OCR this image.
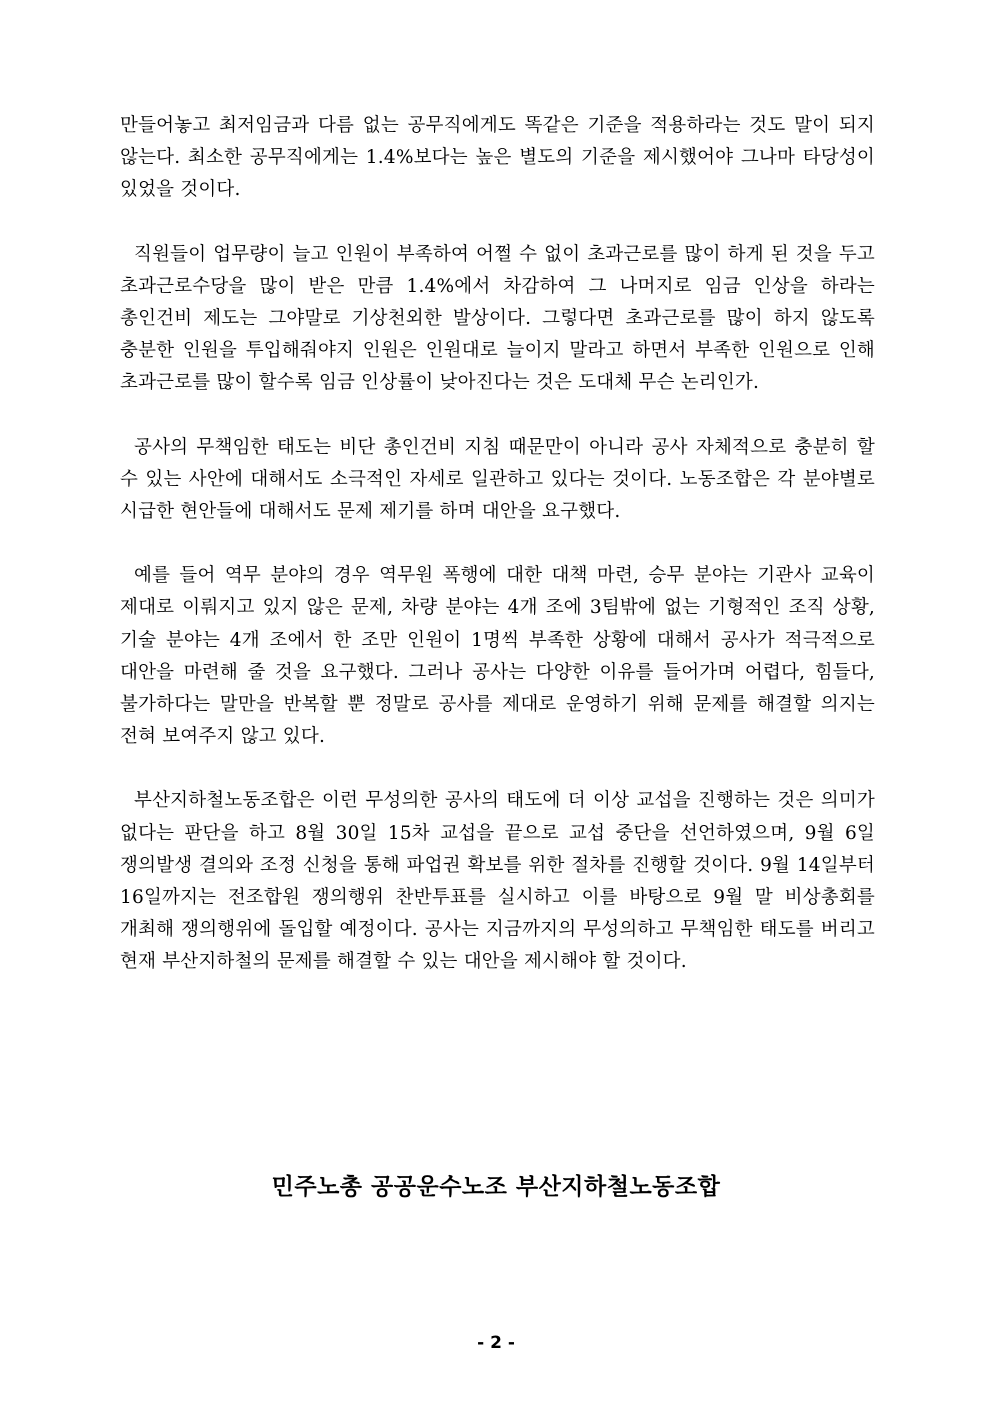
만들어놓고 최저임금과 다름 없는 공무직에게도 똑같은 기준을 적용하라는 것도 말이 되지 않는다. 최소한 공무직에게는 1.4%보다는 높은 별도의 기준을 제시했어야 그나마 타당성이 있었을 것이다.

직원들이 업무량이 늘고 인원이 부족하여 어쩔 수 없이 초과근로를 많이 하게 된 것을 두고 초과근로수당을 많이 받은 만큼 1.4%에서 차감하여 그 나머지로 임금 인상을 하라는 총인건비 제도는 그야말로 기상천외한 발상이다. 그렇다면 초과근로를 많이 하지 않도록 충분한 인원을 투입해줘야지 인원은 인원대로 늘이지 말라고 하면서 부족한 인원으로 인해 초과근로를 많이 할수록 임금 인상률이 낮아진다는 것은 도대체 무슨 논리인가.

공사의 무책임한 태도는 비단 총인건비 지침 때문만이 아니라 공사 자체적으로 충분히 할 수 있는 사안에 대해서도 소극적인 자세로 일관하고 있다는 것이다. 노동조합은 각 분야별로 시급한 현안들에 대해서도 문제 제기를 하며 대안을 요구했다.

예를 들어 역무 분야의 경우 역무원 폭행에 대한 대책 마련, 승무 분야는 기관사 교육이 제대로 이뤄지고 있지 않은 문제, 차량 분야는 4개 조에 3팀밖에 없는 기형적인 조직 상황, 기술 분야는 4개 조에서 한 조만 인원이 1명씩 부족한 상황에 대해서 공사가 적극적으로 대안을 마련해 줄 것을 요구했다. 그러나 공사는 다양한 이유를 들어가며 어렵다, 힘들다, 불가하다는 말만을 반복할 뿐 정말로 공사를 제대로 운영하기 위해 문제를 해결할 의지는 전혀 보여주지 않고 있다.

부산지하철노동조합은 이런 무성의한 공사의 태도에 더 이상 교섭을 진행하는 것은 의미가 없다는 판단을 하고 8월 30일 15차 교섭을 끝으로 교섭 중단을 선언하였으며, 9월 6일 쟁의발생 결의와 조정 신청을 통해 파업권 확보를 위한 절차를 진행할 것이다. 9월 14일부터 16일까지는 전조합원 쟁의행위 찬반투표를 실시하고 이를 바탕으로 9월 말 비상총회를 개최해 쟁의행위에 돌입할 예정이다. 공사는 지금까지의 무성의하고 무책임한 태도를 버리고 현재 부산지하철의 문제를 해결할 수 있는 대안을 제시해야 할 것이다.

민주노총 공공운수노조 부산지하철노동조합

- 2 -
